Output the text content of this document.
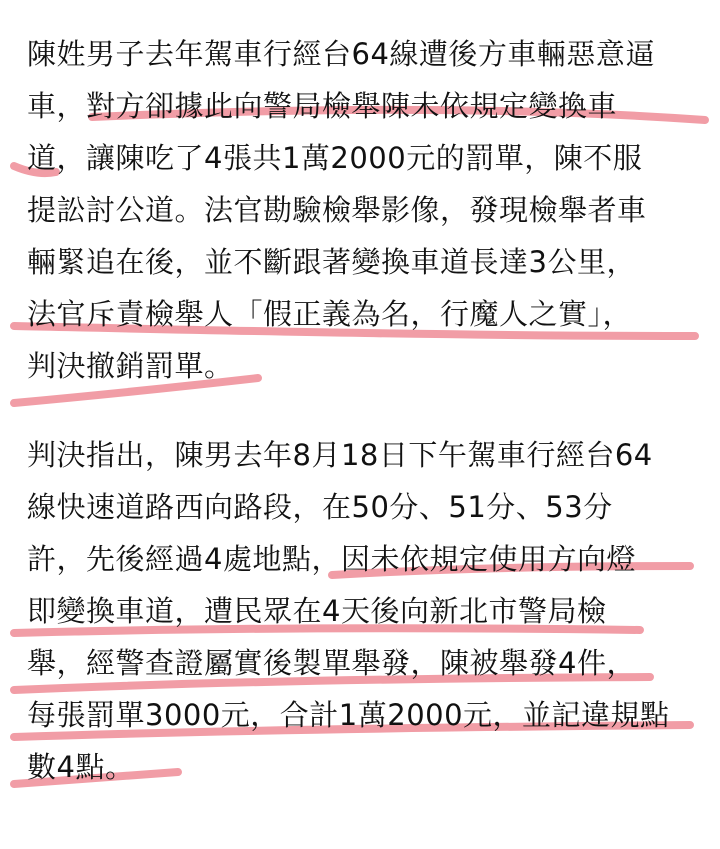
陳姓男子去年駕車行經台64線遭後方車輛惡意逼
車，對方卻據此向警局檢舉陳未依規定變換車
道，讓陳吃了4張共1萬2000元的罰單，陳不服
提訟討公道。法官勘驗檢舉影像，發現檢舉者車
輛緊追在後，並不斷跟著變換車道長達3公里，
法官斥責檢舉人「假正義為名，行魔人之實」，
判決撤銷罰單。
判決指出，陳男去年8月18日下午駕車行經台64
線快速道路西向路段，在50分、51分、53分
許，先後經過4處地點，因未依規定使用方向燈
即變換車道，遭民眾在4天後向新北市警局檢
舉，經警查證屬實後製單舉發，陳被舉發4件，
每張罰單3000元，合計1萬2000元，並記違規點
數4點。
